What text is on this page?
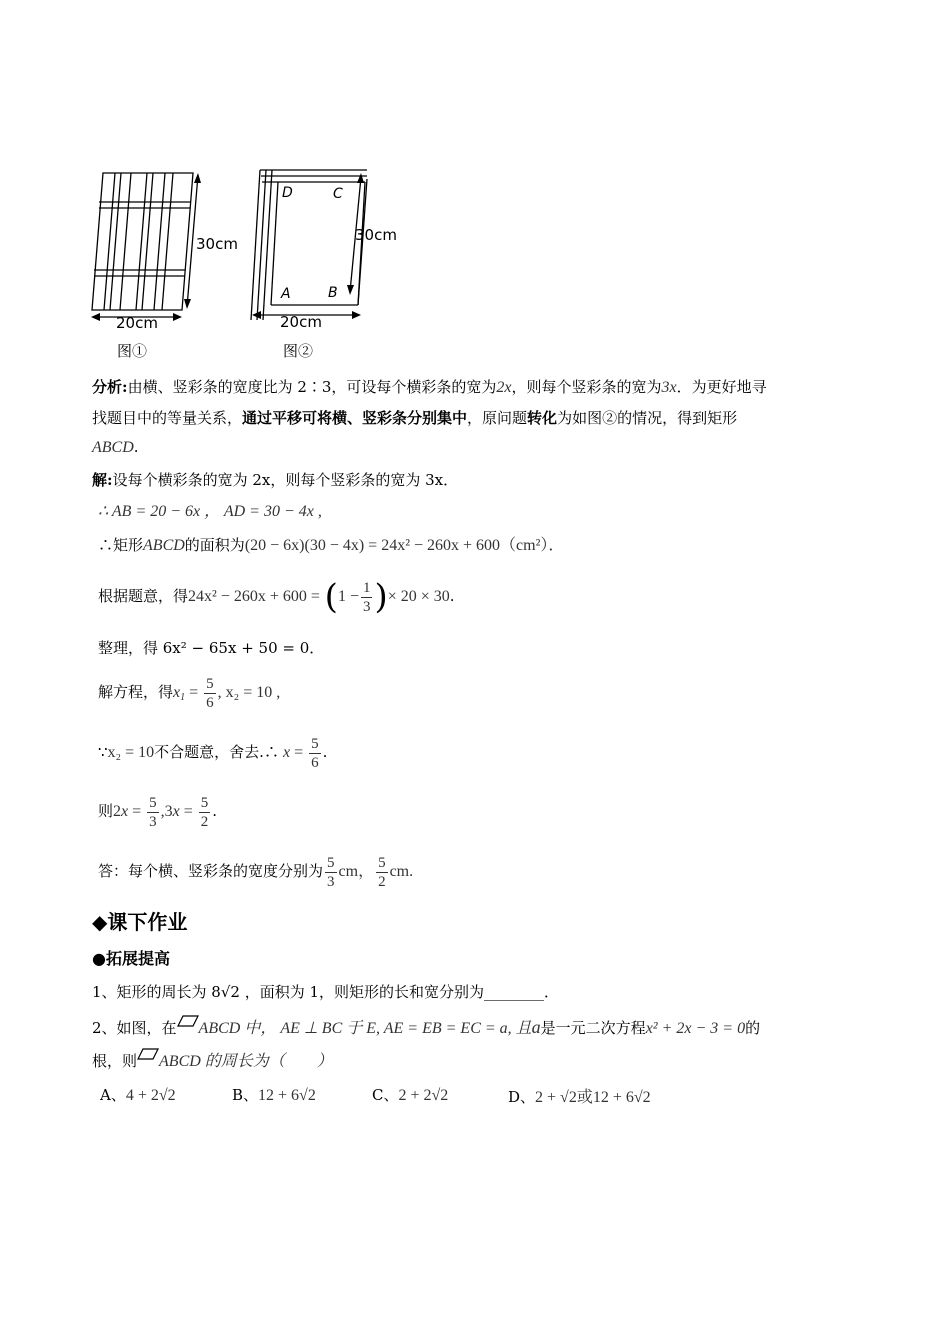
30cm
20cm
图①
D	C
A	B
30cm
20cm
图②
分析:由横、竖彩条的宽度比为 2∶3，可设每个横彩条的宽为2x，则每个竖彩条的宽为3x．为更好地寻
找题目中的等量关系，通过平移可将横、竖彩条分别集中，原问题转化为如图②的情况，得到矩形
ABCD.
解:设每个横彩条的宽为 2x，则每个竖彩条的宽为 3x．
∴ AB = 20 − 6x ， AD = 30 − 4x ,
∴矩形ABCD的面积为(20 − 6x)(30 − 4x) = 24x² − 260x + 600（cm²）．
根据题意，得$24x^2 - 260x + 600 = (1 - \frac{1}{3}$ )× 20 × 30.
整理，得 6x² − 65x + 50 = 0．
解方程，得$x_1 = \frac{5}{6}$ , x₂ = 10 ,
∵x₂ = 10不合题意，舍去.∴ $x = \frac{5}{6}$ .
则$2x = \frac{5}{3} ,3x = \frac{5}{2}$ .
答：每个横、竖彩条的宽度分别为 $\frac{5}{3}$ cm， $\frac{5}{2}$ cm.
◆课下作业
●拓展提高
1、矩形的周长为 8√2 ，面积为 1，则矩形的长和宽分别为________．
2、如图，在 ABCD 中， AE ⊥ BC 于 E, AE = EB = EC = a, 且a是一元二次方程x² + 2x − 3 = 0的
根，则 ABCD 的周长为（　　）
A、4 + 2√2	B、12 + 6√2	C、2 + 2√2	D、2 + √2或12 + 6√2
